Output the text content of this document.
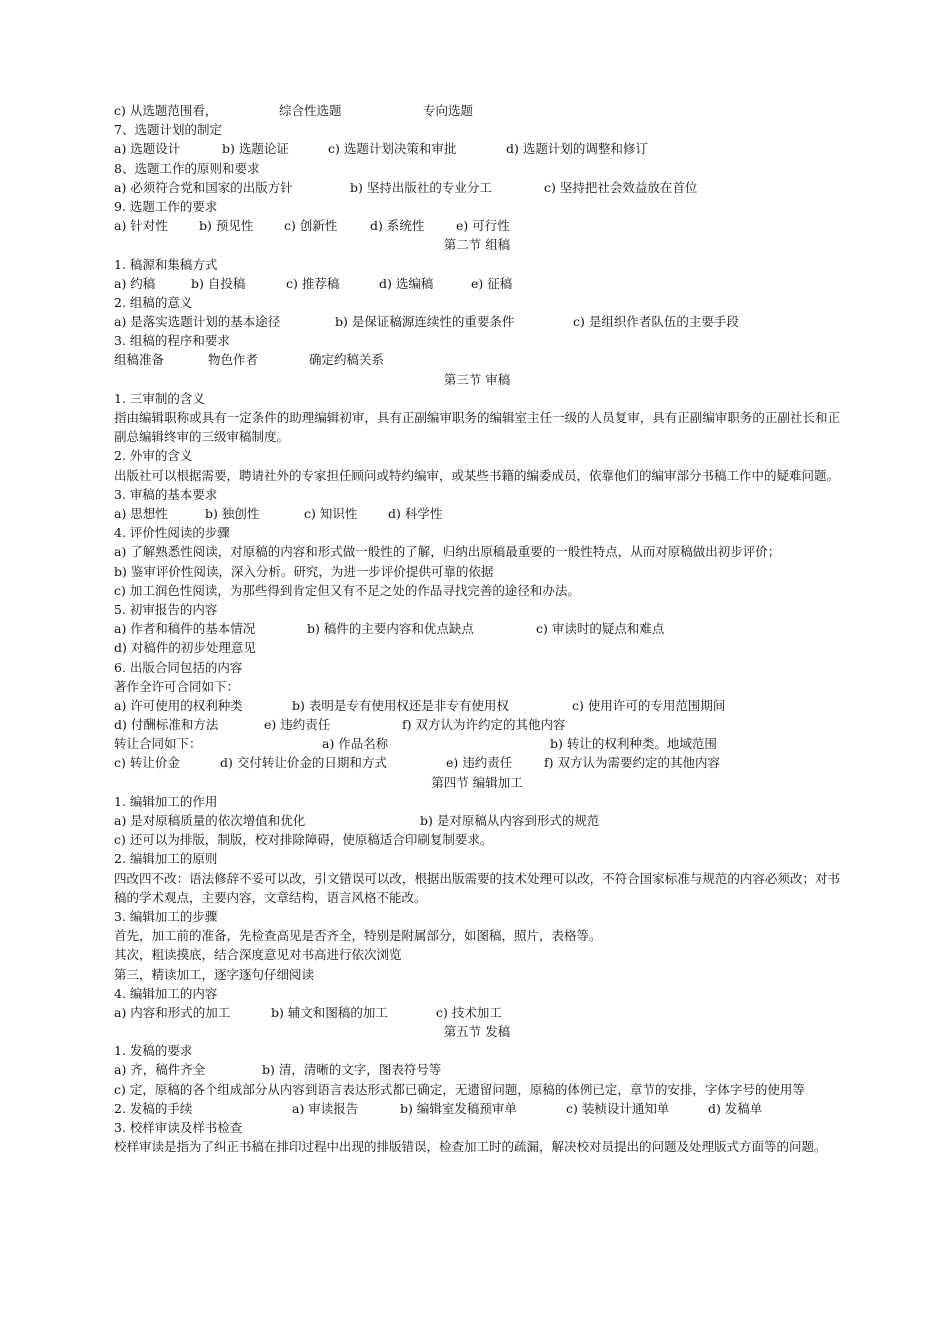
c) 从选题范围看，	综合性选题	专向选题
7、选题计划的制定
a) 选题设计	b) 选题论证	c) 选题计划决策和审批	d) 选题计划的调整和修订
8、选题工作的原则和要求
a) 必须符合党和国家的出版方针	b) 坚持出版社的专业分工	c) 坚持把社会效益放在首位
9. 选题工作的要求
a) 针对性 b) 预见性 c) 创新性	d) 系统性	e) 可行性
第二节 组稿
1. 稿源和集稿方式
a) 约稿	b) 自投稿	c) 推荐稿	d) 选编稿	e) 征稿
2. 组稿的意义
a) 是落实选题计划的基本途径	b) 是保证稿源连续性的重要条件	c) 是组织作者队伍的主要手段
3. 组稿的程序和要求
组稿准备	物色作者	确定约稿关系
第三节 审稿
1. 三审制的含义
指由编辑职称或具有一定条件的助理编辑初审，具有正副编审职务的编辑室主任一级的人员复审，具有正副编审职务的正副社长和正副总编辑终审的三级审稿制度。
2. 外审的含义
出版社可以根据需要，聘请社外的专家担任顾问或特约编审，或某些书籍的编委成员，依靠他们的编审部分书稿工作中的疑难问题。
3. 审稿的基本要求
a) 思想性	b) 独创性	c) 知识性 d) 科学性
4. 评价性阅读的步骤
a) 了解熟悉性阅读，对原稿的内容和形式做一般性的了解，归纳出原稿最重要的一般性特点，从而对原稿做出初步评价；
b) 鉴审评价性阅读，深入分析。研究，为进一步评价提供可靠的依据
c) 加工润色性阅读，为那些得到肯定但又有不足之处的作品寻找完善的途径和办法。
5. 初审报告的内容
a) 作者和稿件的基本情况	b) 稿件的主要内容和优点缺点	c) 审读时的疑点和难点
d) 对稿件的初步处理意见
6. 出版合同包括的内容
著作全许可合同如下：
a) 许可使用的权利种类	b) 表明是专有使用权还是非专有使用权	c) 使用许可的专用范围期间
d) 付酬标准和方法	e) 违约责任	f) 双方认为许约定的其他内容
转让合同如下：	a) 作品名称	b) 转让的权利种类。地域范围
c) 转让价金	d) 交付转让价金的日期和方式	e) 违约责任	f) 双方认为需要约定的其他内容
第四节 编辑加工
1. 编辑加工的作用
a) 是对原稿质量的依次增值和优化	b) 是对原稿从内容到形式的规范
c) 还可以为排版，制版，校对排除障碍，使原稿适合印刷复制要求。
2. 编辑加工的原则
四改四不改：语法修辞不妥可以改，引文错误可以改，根据出版需要的技术处理可以改，不符合国家标准与规范的内容必须改；对书稿的学术观点，主要内容，文章结构，语言风格不能改。
3. 编辑加工的步骤
首先，加工前的准备，先检查高见是否齐全，特别是附属部分，如图稿，照片，表格等。
其次，粗读摸底，结合深度意见对书高进行依次浏览
第三，精读加工，逐字逐句仔细阅读
4. 编辑加工的内容
a) 内容和形式的加工	b) 辅文和图稿的加工	c) 技术加工
第五节 发稿
1. 发稿的要求
a) 齐，稿件齐全	b) 清，清晰的文字，图表符号等
c) 定，原稿的各个组成部分从内容到语言表达形式都已确定，无遗留问题，原稿的体例已定，章节的安排，字体字号的使用等
2. 发稿的手续	a) 审读报告	b) 编辑室发稿预审单	c) 装桢设计通知单	d) 发稿单
3. 校样审读及样书检查
校样审读是指为了纠正书稿在排印过程中出现的排版错误，检查加工时的疏漏，解决校对员提出的问题及处理版式方面等的问题。
